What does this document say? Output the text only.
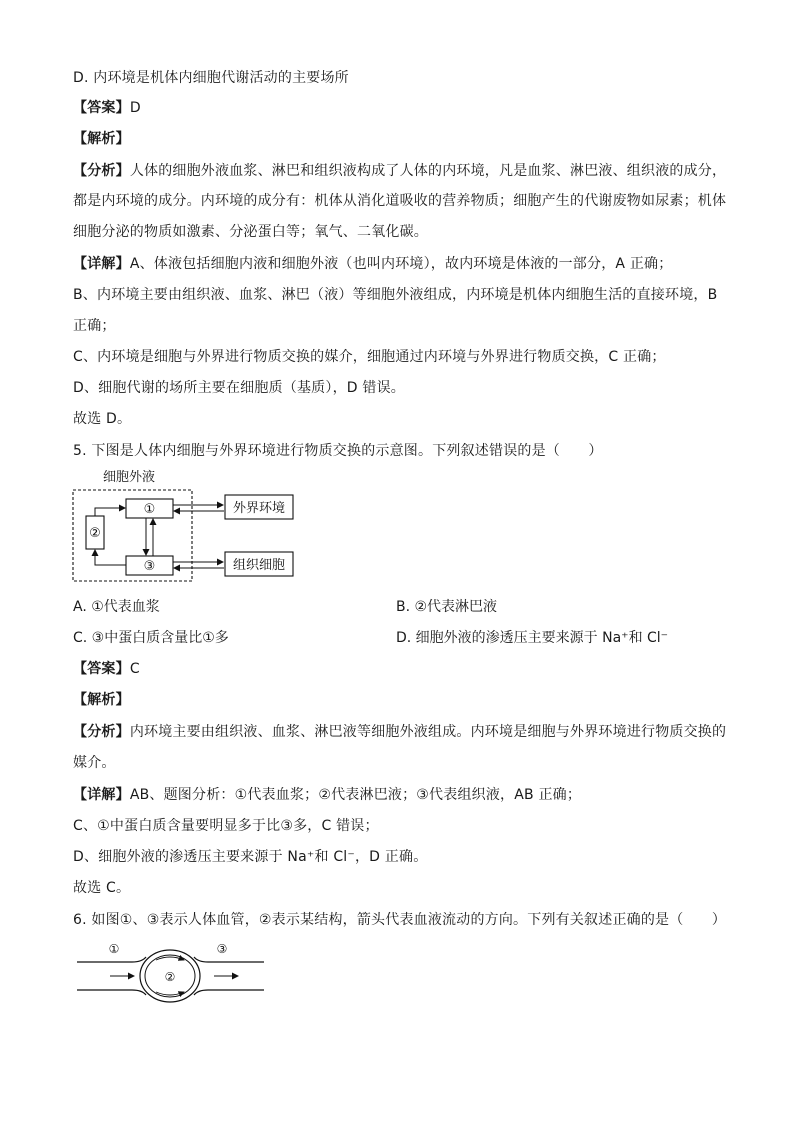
D. 内环境是机体内细胞代谢活动的主要场所
【答案】D
【解析】
【分析】人体的细胞外液血浆、淋巴和组织液构成了人体的内环境，凡是血浆、淋巴液、组织液的成分，
都是内环境的成分。内环境的成分有：机体从消化道吸收的营养物质；细胞产生的代谢废物如尿素；机体
细胞分泌的物质如激素、分泌蛋白等；氧气、二氧化碳。
【详解】A、体液包括细胞内液和细胞外液（也叫内环境），故内环境是体液的一部分，A 正确；
B、内环境主要由组织液、血浆、淋巴（液）等细胞外液组成，内环境是机体内细胞生活的直接环境，B
正确；
C、内环境是细胞与外界进行物质交换的媒介，细胞通过内环境与外界进行物质交换，C 正确；
D、细胞代谢的场所主要在细胞质（基质），D 错误。
故选 D。
5. 下图是人体内细胞与外界环境进行物质交换的示意图。下列叙述错误的是（　　）
细胞外液
①
②
③
外界环境
组织细胞
A. ①代表血浆	B. ②代表淋巴液
C. ③中蛋白质含量比①多	D. 细胞外液的渗透压主要来源于 Na⁺和 Cl⁻
【答案】C
【解析】
【分析】内环境主要由组织液、血浆、淋巴液等细胞外液组成。内环境是细胞与外界环境进行物质交换的
媒介。
【详解】AB、题图分析：①代表血浆；②代表淋巴液；③代表组织液，AB 正确；
C、①中蛋白质含量要明显多于比③多，C 错误；
D、细胞外液的渗透压主要来源于 Na⁺和 Cl⁻，D 正确。
故选 C。
6. 如图①、③表示人体血管，②表示某结构，箭头代表血液流动的方向。下列有关叙述正确的是（　　）
①	③
②
